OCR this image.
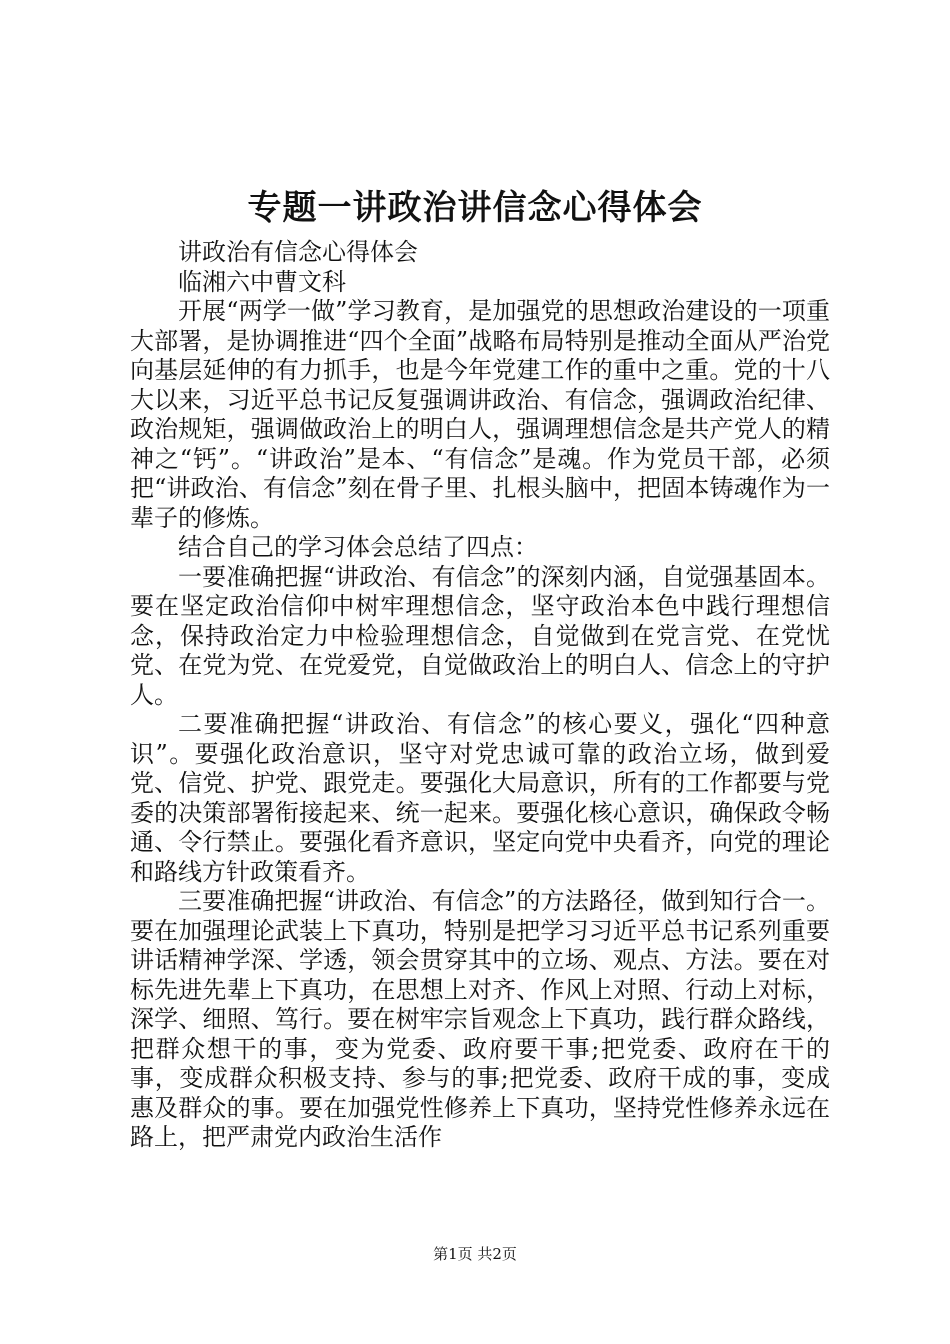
专题一讲政治讲信念心得体会

讲政治有信念心得体会

临湘六中曹文科

开展“两学一做”学习教育，是加强党的思想政治建设的一项重大部署，是协调推进“四个全面”战略布局特别是推动全面从严治党向基层延伸的有力抓手，也是今年党建工作的重中之重。党的十八大以来，习近平总书记反复强调讲政治、有信念，强调政治纪律、政治规矩，强调做政治上的明白人，强调理想信念是共产党人的精神之“钙”。“讲政治”是本、“有信念”是魂。作为党员干部，必须把“讲政治、有信念”刻在骨子里、扎根头脑中，把固本铸魂作为一辈子的修炼。

结合自己的学习体会总结了四点：

一要准确把握“讲政治、有信念”的深刻内涵，自觉强基固本。要在坚定政治信仰中树牢理想信念，坚守政治本色中践行理想信念，保持政治定力中检验理想信念，自觉做到在党言党、在党忧党、在党为党、在党爱党，自觉做政治上的明白人、信念上的守护人。

二要准确把握“讲政治、有信念”的核心要义，强化“四种意识”。要强化政治意识，坚守对党忠诚可靠的政治立场，做到爱党、信党、护党、跟党走。要强化大局意识，所有的工作都要与党委的决策部署衔接起来、统一起来。要强化核心意识，确保政令畅通、令行禁止。要强化看齐意识，坚定向党中央看齐，向党的理论和路线方针政策看齐。

三要准确把握“讲政治、有信念”的方法路径，做到知行合一。要在加强理论武装上下真功，特别是把学习习近平总书记系列重要讲话精神学深、学透，领会贯穿其中的立场、观点、方法。要在对标先进先辈上下真功，在思想上对齐、作风上对照、行动上对标，深学、细照、笃行。要在树牢宗旨观念上下真功，践行群众路线，把群众想干的事，变为党委、政府要干事;把党委、政府在干的事，变成群众积极支持、参与的事;把党委、政府干成的事，变成惠及群众的事。要在加强党性修养上下真功，坚持党性修养永远在路上，把严肃党内政治生活作

第1页 共2页
